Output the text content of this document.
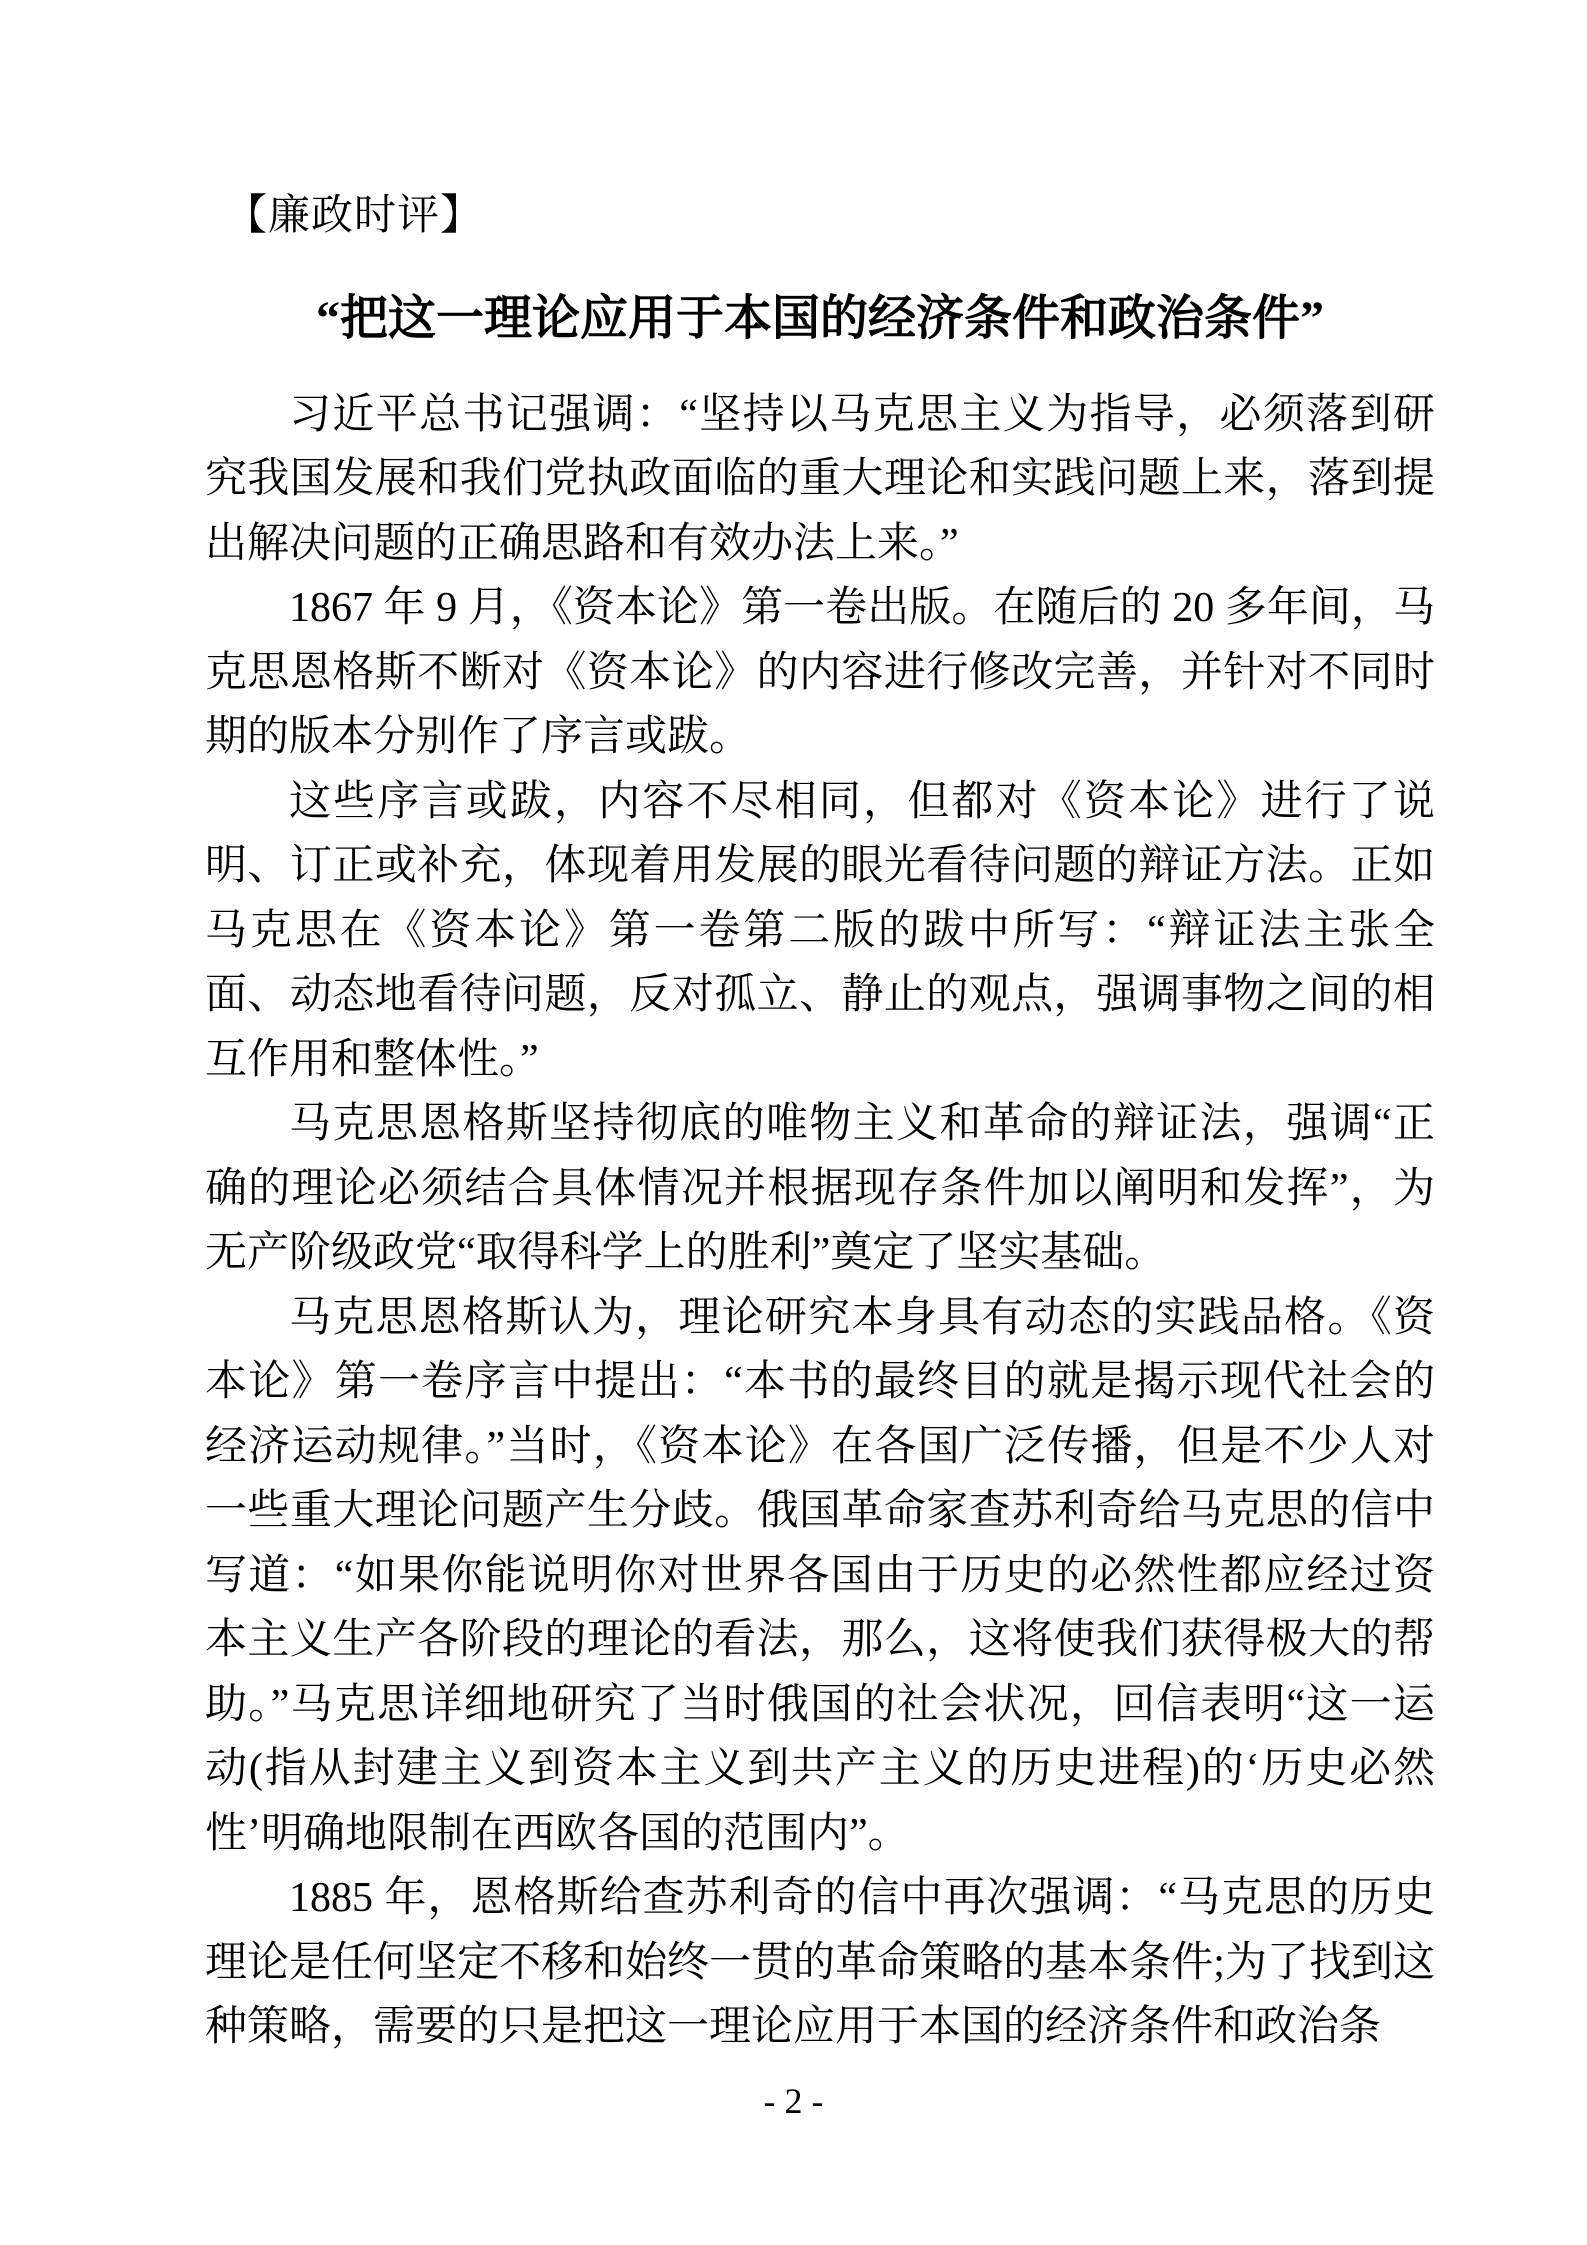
【廉政时评】
“把这一理论应用于本国的经济条件和政治条件”

习近平总书记强调：“坚持以马克思主义为指导，必须落到研究我国发展和我们党执政面临的重大理论和实践问题上来，落到提出解决问题的正确思路和有效办法上来。”

1867 年 9 月，《资本论》第一卷出版。在随后的 20 多年间，马克思恩格斯不断对《资本论》的内容进行修改完善，并针对不同时期的版本分别作了序言或跋。

这些序言或跋，内容不尽相同，但都对《资本论》进行了说明、订正或补充，体现着用发展的眼光看待问题的辩证方法。正如马克思在《资本论》第一卷第二版的跋中所写：“辩证法主张全面、动态地看待问题，反对孤立、静止的观点，强调事物之间的相互作用和整体性。”

马克思恩格斯坚持彻底的唯物主义和革命的辩证法，强调“正确的理论必须结合具体情况并根据现存条件加以阐明和发挥”，为无产阶级政党“取得科学上的胜利”奠定了坚实基础。

马克思恩格斯认为，理论研究本身具有动态的实践品格。《资本论》第一卷序言中提出：“本书的最终目的就是揭示现代社会的经济运动规律。”当时，《资本论》在各国广泛传播，但是不少人对一些重大理论问题产生分歧。俄国革命家查苏利奇给马克思的信中写道：“如果你能说明你对世界各国由于历史的必然性都应经过资本主义生产各阶段的理论的看法，那么，这将使我们获得极大的帮助。”马克思详细地研究了当时俄国的社会状况，回信表明“这一运动(指从封建主义到资本主义到共产主义的历史进程)的‘历史必然性’明确地限制在西欧各国的范围内”。

1885 年，恩格斯给查苏利奇的信中再次强调：“马克思的历史理论是任何坚定不移和始终一贯的革命策略的基本条件;为了找到这种策略，需要的只是把这一理论应用于本国的经济条件和政治条

- 2 -
